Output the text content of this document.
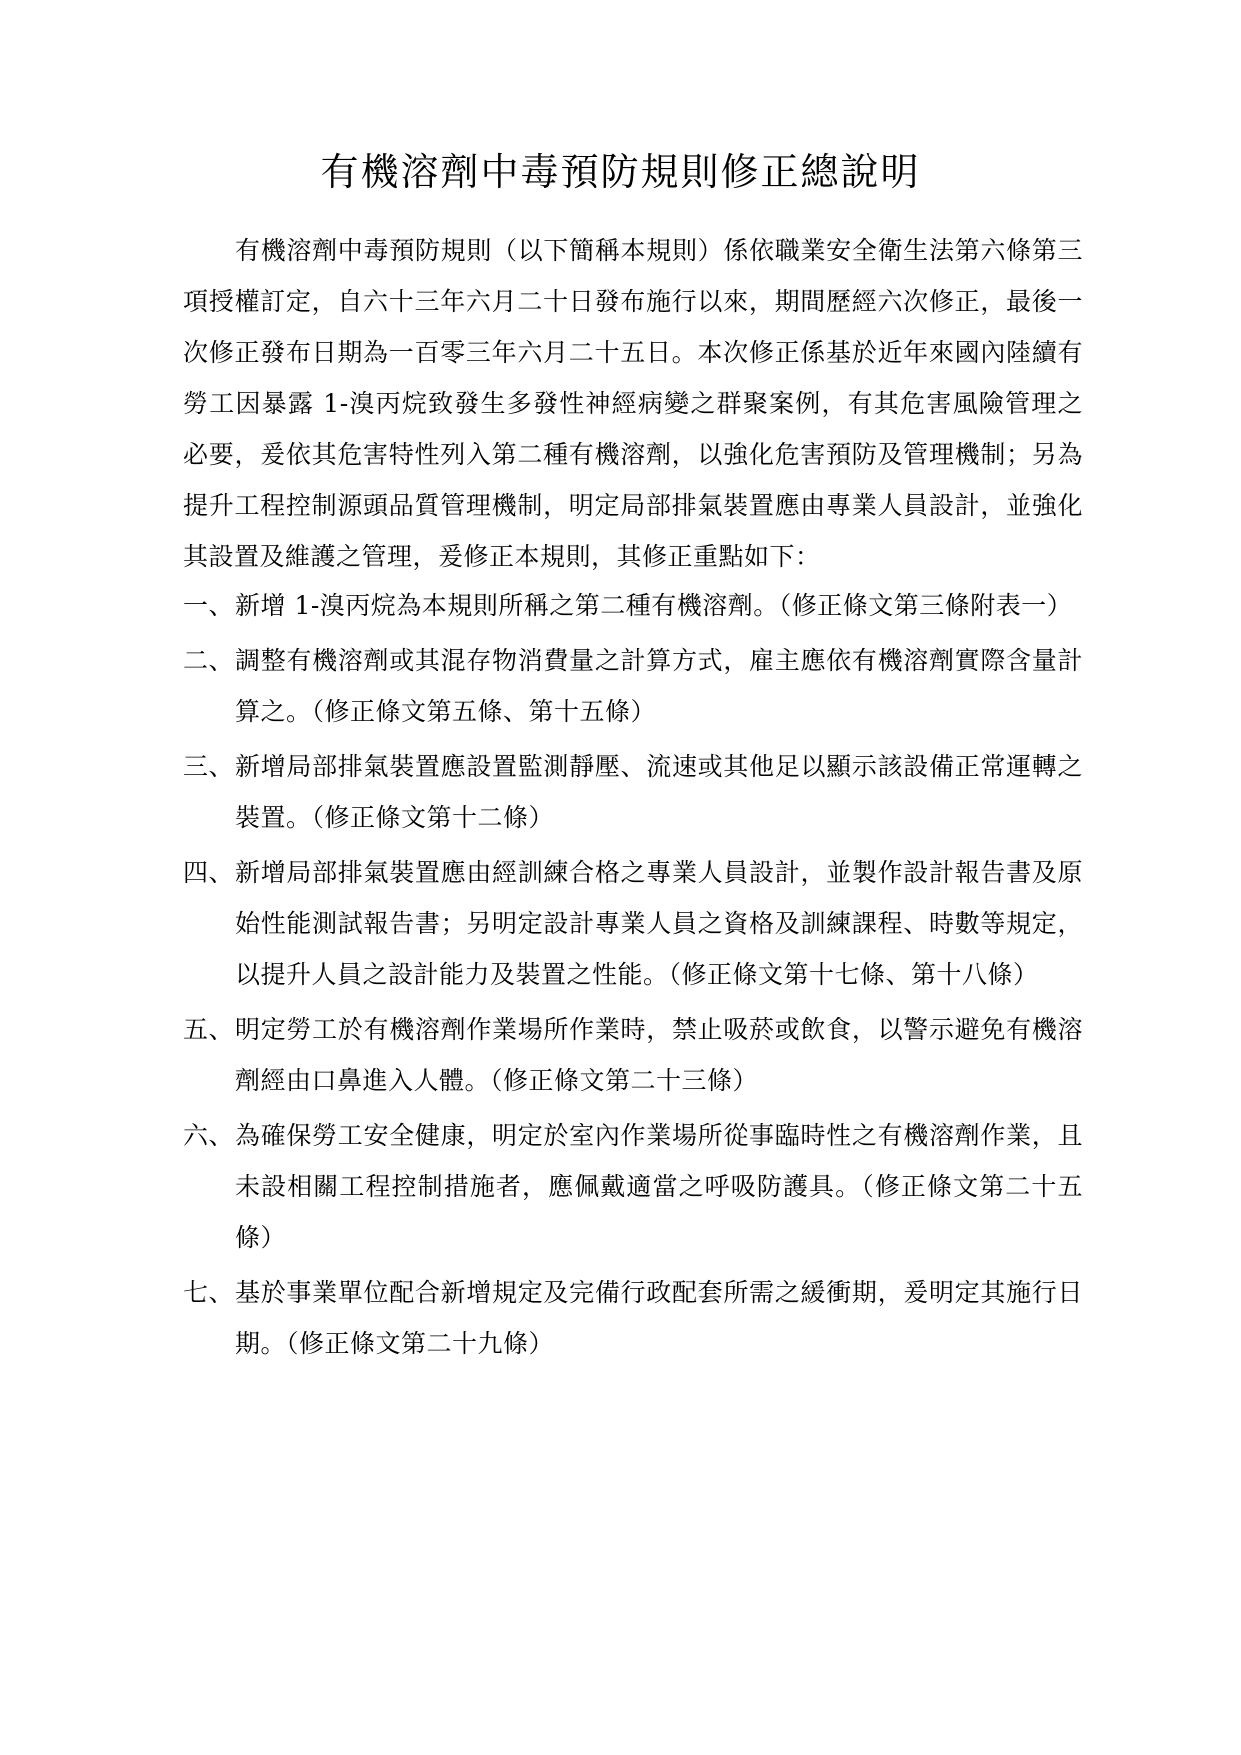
有機溶劑中毒預防規則修正總說明

有機溶劑中毒預防規則（以下簡稱本規則）係依職業安全衛生法第六條第三項授權訂定，自六十三年六月二十日發布施行以來，期間歷經六次修正，最後一次修正發布日期為一百零三年六月二十五日。本次修正係基於近年來國內陸續有勞工因暴露 1-溴丙烷致發生多發性神經病變之群聚案例，有其危害風險管理之必要，爰依其危害特性列入第二種有機溶劑，以強化危害預防及管理機制；另為提升工程控制源頭品質管理機制，明定局部排氣裝置應由專業人員設計，並強化其設置及維護之管理，爰修正本規則，其修正重點如下：

一、 新增 1-溴丙烷為本規則所稱之第二種有機溶劑。（修正條文第三條附表一）
二、 調整有機溶劑或其混存物消費量之計算方式，雇主應依有機溶劑實際含量計算之。（修正條文第五條、第十五條）
三、 新增局部排氣裝置應設置監測靜壓、流速或其他足以顯示該設備正常運轉之裝置。（修正條文第十二條）
四、 新增局部排氣裝置應由經訓練合格之專業人員設計，並製作設計報告書及原始性能測試報告書；另明定設計專業人員之資格及訓練課程、時數等規定，以提升人員之設計能力及裝置之性能。（修正條文第十七條、第十八條）
五、 明定勞工於有機溶劑作業場所作業時，禁止吸菸或飲食，以警示避免有機溶劑經由口鼻進入人體。（修正條文第二十三條）
六、 為確保勞工安全健康，明定於室內作業場所從事臨時性之有機溶劑作業，且未設相關工程控制措施者，應佩戴適當之呼吸防護具。（修正條文第二十五條）
七、 基於事業單位配合新增規定及完備行政配套所需之緩衝期，爰明定其施行日期。（修正條文第二十九條）
